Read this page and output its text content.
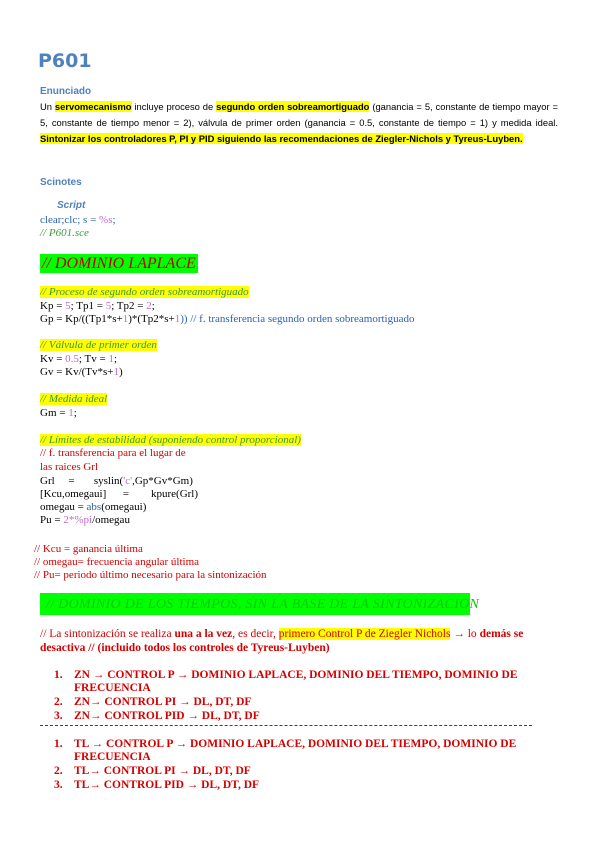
P601
Enunciado
Un servomecanismo incluye proceso de segundo orden sobreamortiguado (ganancia = 5, constante de tiempo mayor = 5, constante de tiempo menor = 2), válvula de primer orden (ganancia = 0.5, constante de tiempo = 1) y medida ideal. Sintonizar los controladores P, PI y PID siguiendo las recomendaciones de Ziegler-Nichols y Tyreus-Luyben.
Scinotes
Script
clear;clc; s = %s;
// P601.sce
// DOMINIO LAPLACE
// Proceso de segundo orden sobreamortiguado
Kp = 5; Tp1 = 5; Tp2 = 2;
Gp = Kp/((Tp1*s+1)*(Tp2*s+1)) // f. transferencia segundo orden sobreamortiguado
// Válvula de primer orden
Kv = 0.5; Tv = 1;
Gv = Kv/(Tv*s+1)
// Medida ideal
Gm = 1;
// Límites de estabilidad (suponiendo control proporcional)
// f. transferencia para el lugar de
las raices Grl
Grl     =       syslin('c',Gp*Gv*Gm)
[Kcu,omegaui]      =        kpure(Grl)
omegau = abs(omegaui)
Pu = 2*%pi/omegau
// Kcu = ganancia última
// omegau= frecuencia angular última
// Pu= periodo último necesario para la sintonización
// DOMINIO DE LOS TIEMPOS, SIN LA BASE DE LA SINTONIZACION
// La sintonización se realiza una a la vez, es decir, primero Control P de Ziegler Nichols → lo demás se desactiva // (incluido todos los controles de Tyreus-Luyben)
1. ZN → CONTROL P → DOMINIO LAPLACE, DOMINIO DEL TIEMPO, DOMINIO DE FRECUENCIA
2. ZN→ CONTROL PI → DL, DT, DF
3. ZN→ CONTROL PID → DL, DT, DF
1. TL → CONTROL P → DOMINIO LAPLACE, DOMINIO DEL TIEMPO, DOMINIO DE FRECUENCIA
2. TL→ CONTROL PI → DL, DT, DF
3. TL→ CONTROL PID → DL, DT, DF
